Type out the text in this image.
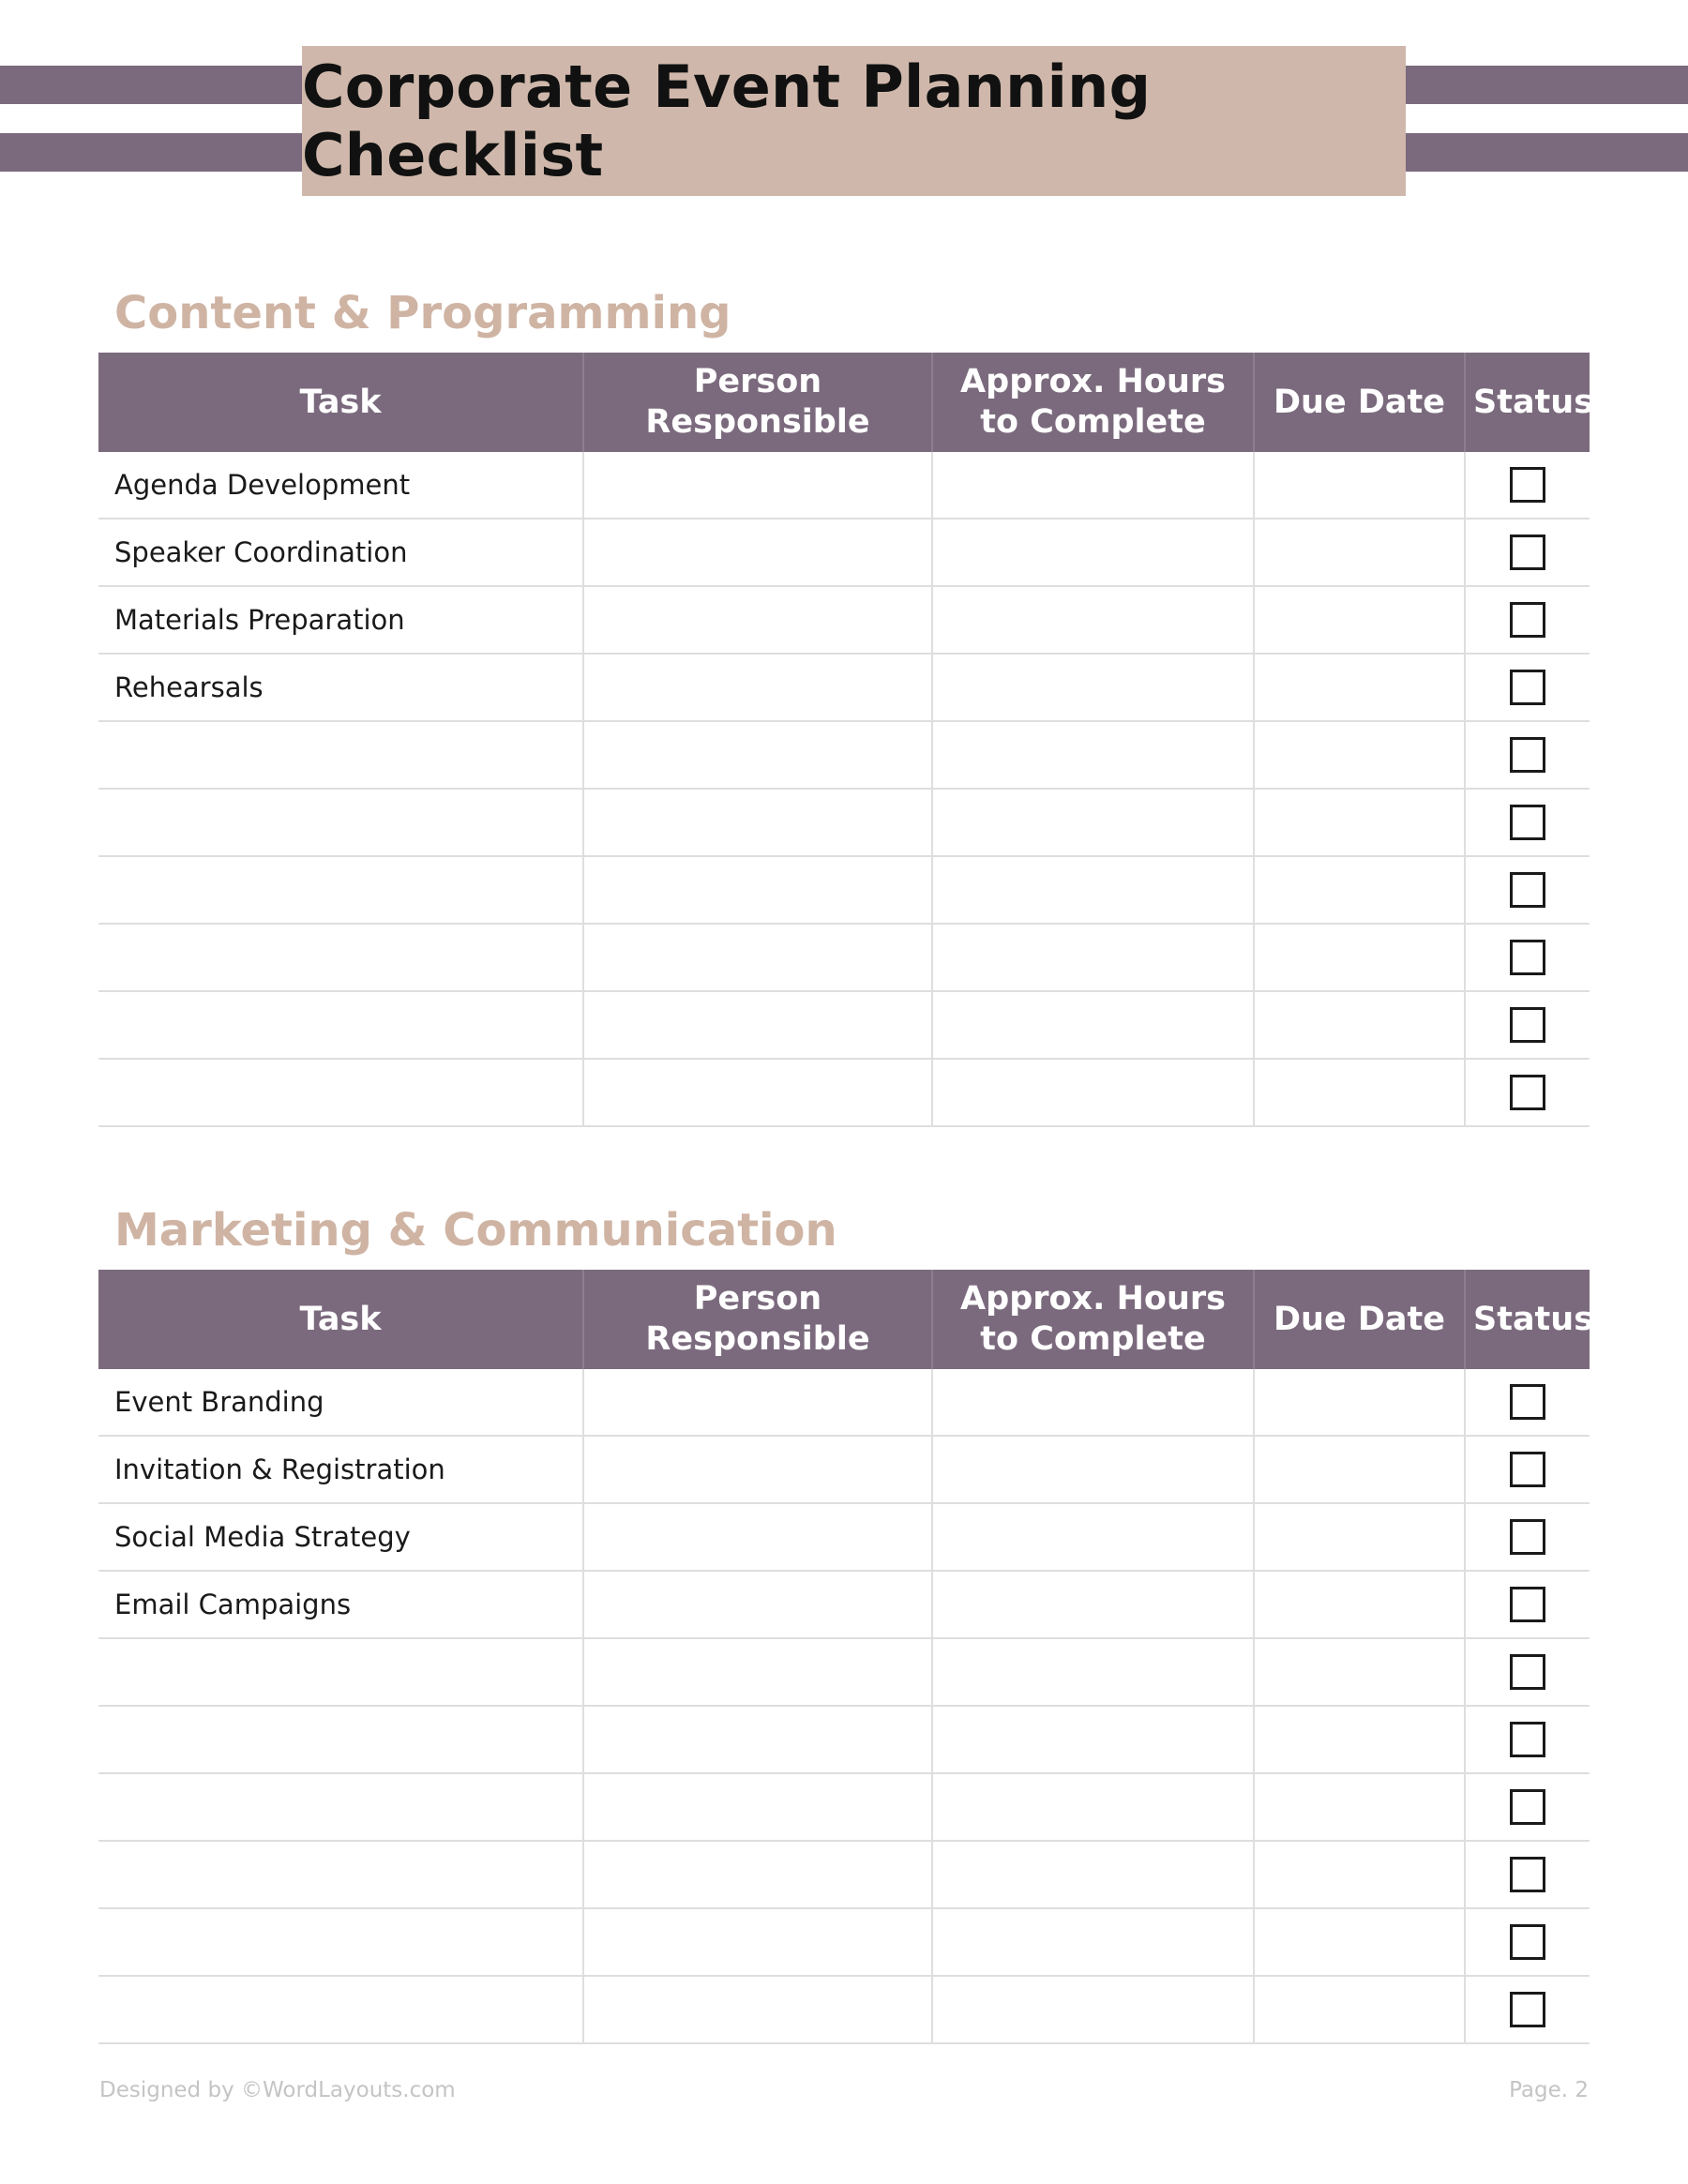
Corporate Event Planning Checklist
Content & Programming
Task	Person Responsible	Approx. Hours to Complete	Due Date	Status
Agenda Development				
Speaker Coordination				
Materials Preparation				
Rehearsals				

Marketing & Communication
Task	Person Responsible	Approx. Hours to Complete	Due Date	Status
Event Branding				
Invitation & Registration				
Social Media Strategy				
Email Campaigns				

Designed by ©WordLayouts.com	Page. 2
